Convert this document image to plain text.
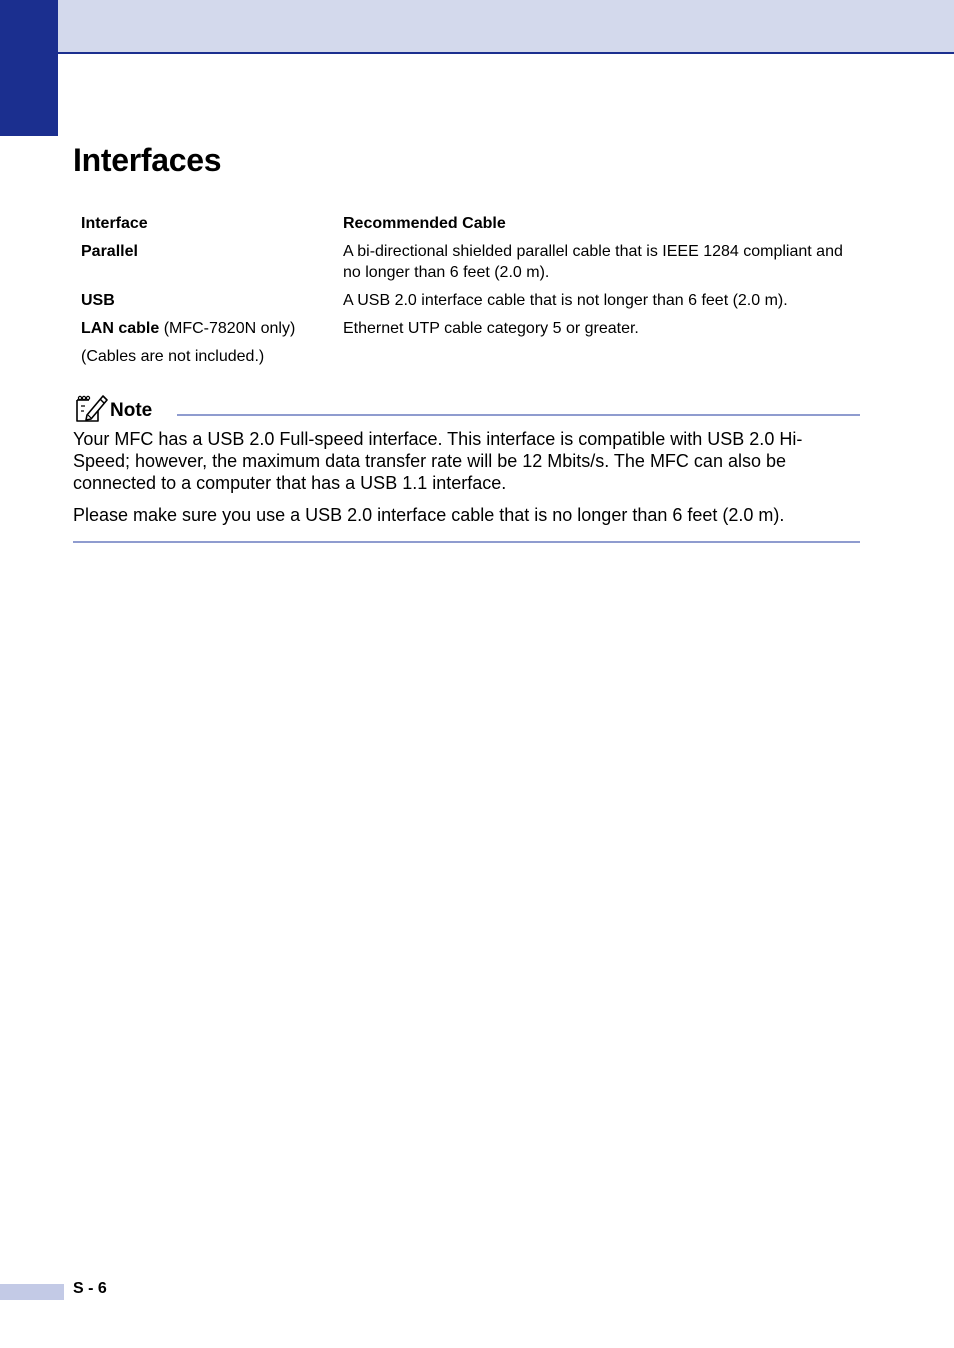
Interfaces
Interface	Recommended Cable
Parallel	A bi-directional shielded parallel cable that is IEEE 1284 compliant and no longer than 6 feet (2.0 m).
USB	A USB 2.0 interface cable that is not longer than 6 feet (2.0 m).
LAN cable (MFC-7820N only)	Ethernet UTP cable category 5 or greater.
(Cables are not included.)
Note

Your MFC has a USB 2.0 Full-speed interface. This interface is compatible with USB 2.0 Hi-Speed; however, the maximum data transfer rate will be 12 Mbits/s. The MFC can also be connected to a computer that has a USB 1.1 interface.

Please make sure you use a USB 2.0 interface cable that is no longer than 6 feet (2.0 m).

S - 6
